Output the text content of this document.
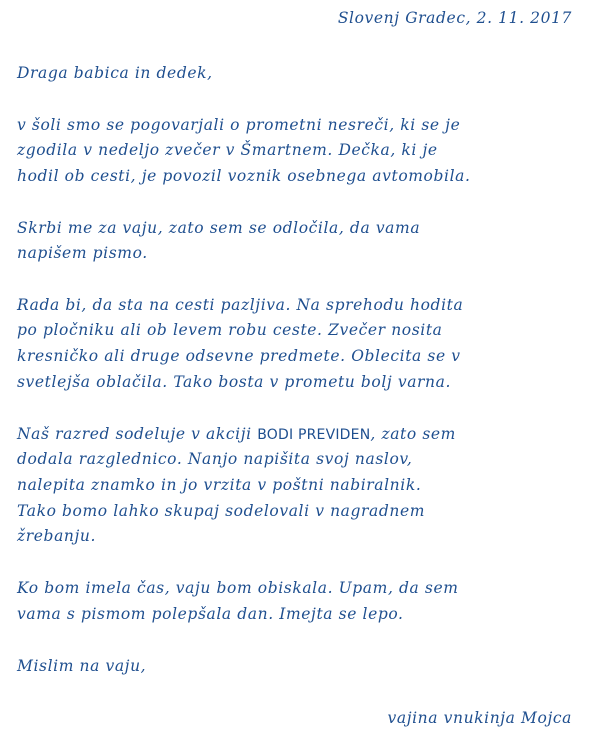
Slovenj Gradec, 2. 11. 2017

Draga babica in dedek,

v šoli smo se pogovarjali o prometni nesreči, ki se je

zgodila v nedeljo zvečer v Šmartnem. Dečka, ki je

hodil ob cesti, je povozil voznik osebnega avtomobila.

Skrbi me za vaju, zato sem se odločila, da vama

napišem pismo.

Rada bi, da sta na cesti pazljiva. Na sprehodu hodita

po pločniku ali ob levem robu ceste. Zvečer nosita

kresničko ali druge odsevne predmete. Oblecita se v

svetlejša oblačila. Tako bosta v prometu bolj varna.

Naš razred sodeluje v akciji BODI PREVIDEN, zato sem

dodala razglednico. Nanjo napišita svoj naslov,

nalepita znamko in jo vrzita v poštni nabiralnik.

Tako bomo lahko skupaj sodelovali v nagradnem

žrebanju.

Ko bom imela čas, vaju bom obiskala. Upam, da sem

vama s pismom polepšala dan. Imejta se lepo.

Mislim na vaju,

vajina vnukinja Mojca
